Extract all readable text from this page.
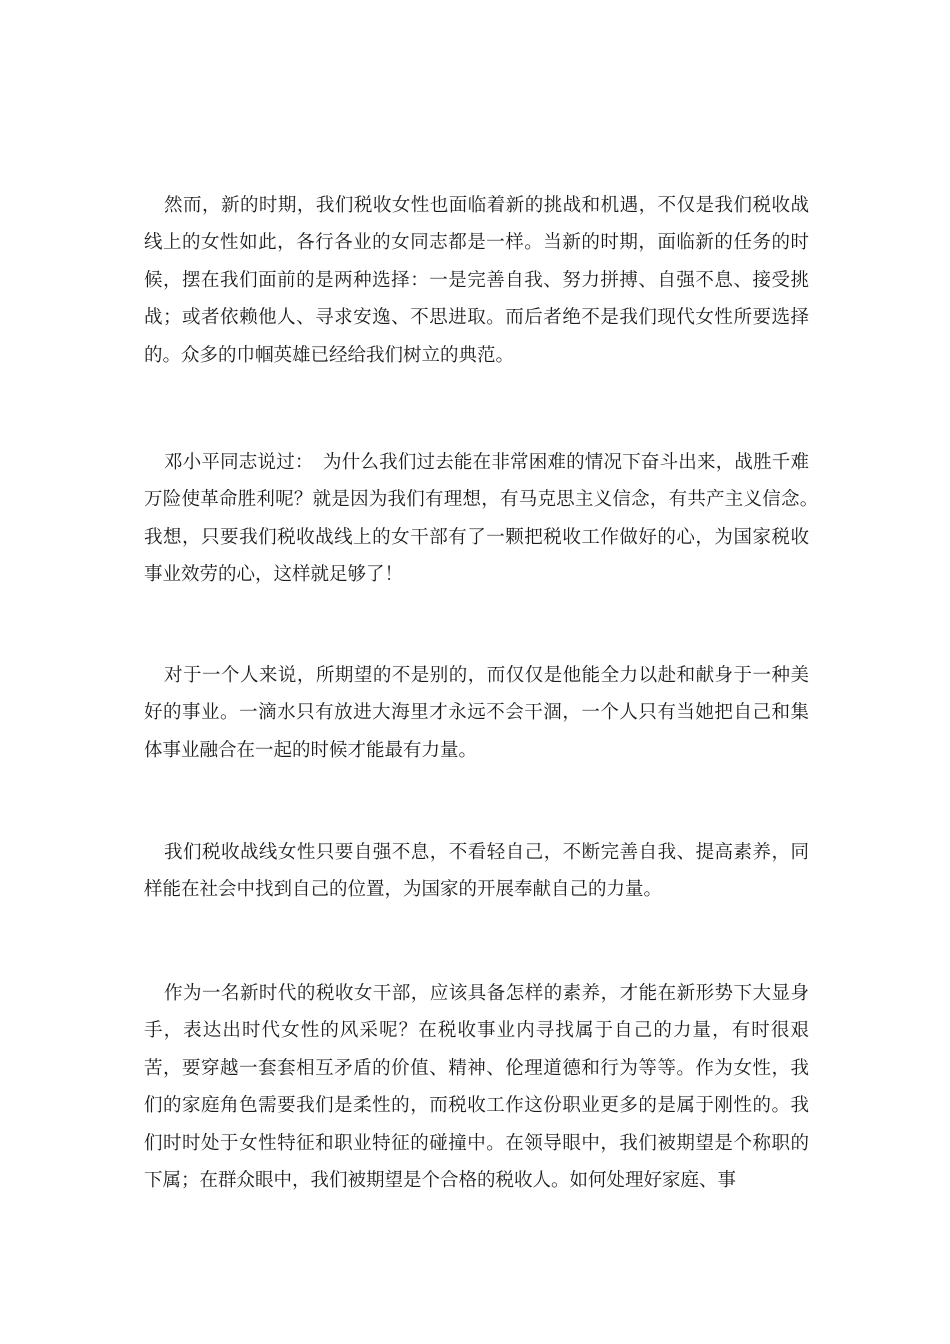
然而，新的时期，我们税收女性也面临着新的挑战和机遇，不仅是我们税收战线上的女性如此，各行各业的女同志都是一样。当新的时期，面临新的任务的时候，摆在我们面前的是两种选择：一是完善自我、努力拼搏、自强不息、接受挑战；或者依赖他人、寻求安逸、不思进取。而后者绝不是我们现代女性所要选择的。众多的巾帼英雄已经给我们树立的典范。

邓小平同志说过：　为什么我们过去能在非常困难的情况下奋斗出来，战胜千难万险使革命胜利呢？就是因为我们有理想，有马克思主义信念，有共产主义信念。　我想，只要我们税收战线上的女干部有了一颗把税收工作做好的心，为国家税收事业效劳的心，这样就足够了！

对于一个人来说，所期望的不是别的，而仅仅是他能全力以赴和献身于一种美好的事业。一滴水只有放进大海里才永远不会干涸，一个人只有当她把自己和集体事业融合在一起的时候才能最有力量。

我们税收战线女性只要自强不息，不看轻自己，不断完善自我、提高素养，同样能在社会中找到自己的位置，为国家的开展奉献自己的力量。

作为一名新时代的税收女干部，应该具备怎样的素养，才能在新形势下大显身手，表达出时代女性的风采呢？在税收事业内寻找属于自己的力量，有时很艰苦，要穿越一套套相互矛盾的价值、精神、伦理道德和行为等等。作为女性，我们的家庭角色需要我们是柔性的，而税收工作这份职业更多的是属于刚性的。我们时时处于女性特征和职业特征的碰撞中。在领导眼中，我们被期望是个称职的下属；在群众眼中，我们被期望是个合格的税收人。如何处理好家庭、事
